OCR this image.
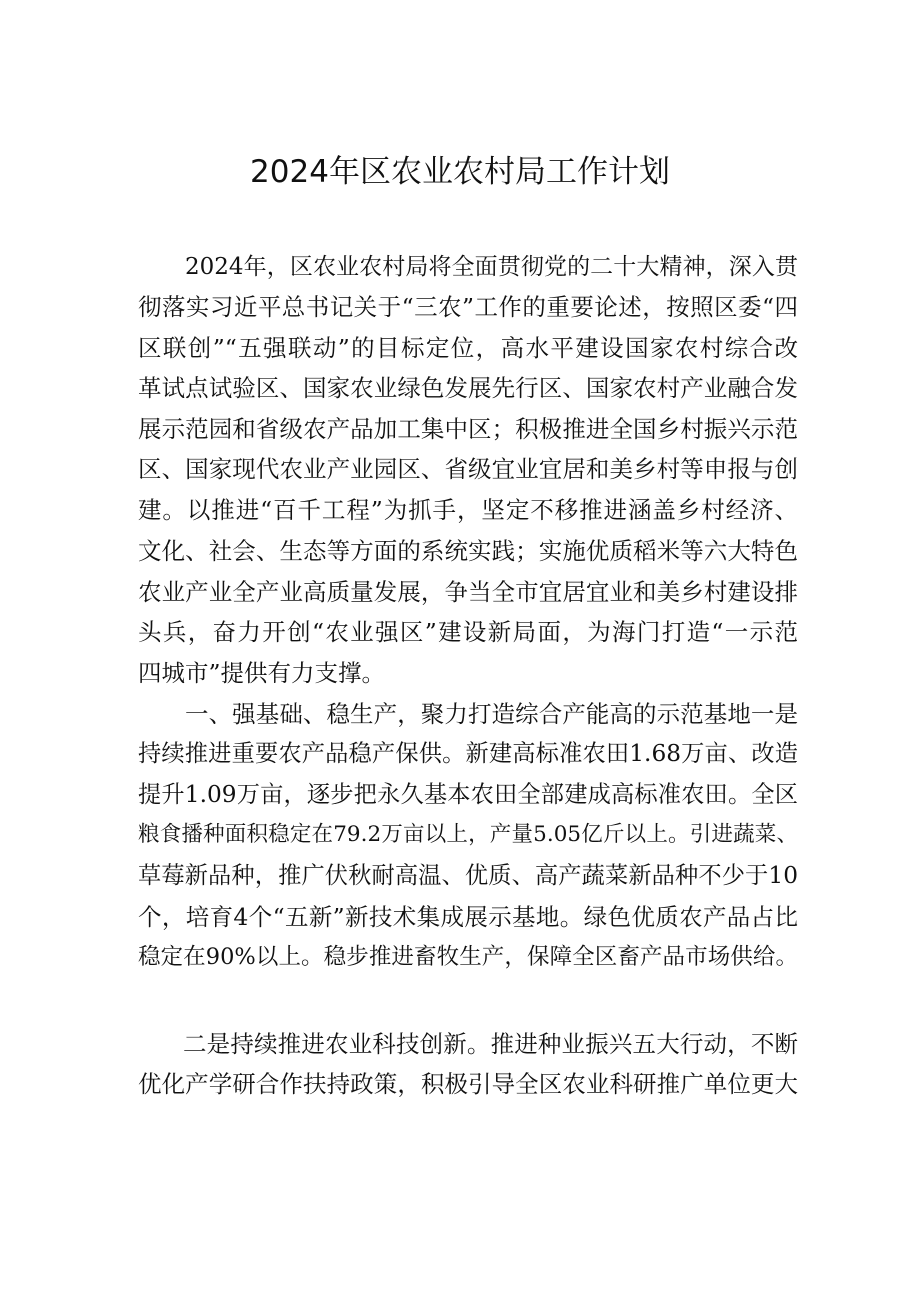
2024年区农业农村局工作计划

2024年，区农业农村局将全面贯彻党的二十大精神，深入贯

彻落实习近平总书记关于“三农”工作的重要论述，按照区委“四

区联创”“五强联动”的目标定位，高水平建设国家农村综合改

革试点试验区、国家农业绿色发展先行区、国家农村产业融合发

展示范园和省级农产品加工集中区；积极推进全国乡村振兴示范

区、国家现代农业产业园区、省级宜业宜居和美乡村等申报与创

建。以推进“百千工程”为抓手，坚定不移推进涵盖乡村经济、

文化、社会、生态等方面的系统实践；实施优质稻米等六大特色

农业产业全产业高质量发展，争当全市宜居宜业和美乡村建设排

头兵，奋力开创“农业强区”建设新局面，为海门打造“一示范

四城市”提供有力支撑。

一、强基础、稳生产，聚力打造综合产能高的示范基地一是

持续推进重要农产品稳产保供。新建高标准农田1.68万亩、改造

提升1.09万亩，逐步把永久基本农田全部建成高标准农田。全区

粮食播种面积稳定在79.2万亩以上，产量5.05亿斤以上。引进蔬菜、

草莓新品种，推广伏秋耐高温、优质、高产蔬菜新品种不少于10

个，培育4个“五新”新技术集成展示基地。绿色优质农产品占比

稳定在90%以上。稳步推进畜牧生产，保障全区畜产品市场供给。

二是持续推进农业科技创新。推进种业振兴五大行动，不断

优化产学研合作扶持政策，积极引导全区农业科研推广单位更大
